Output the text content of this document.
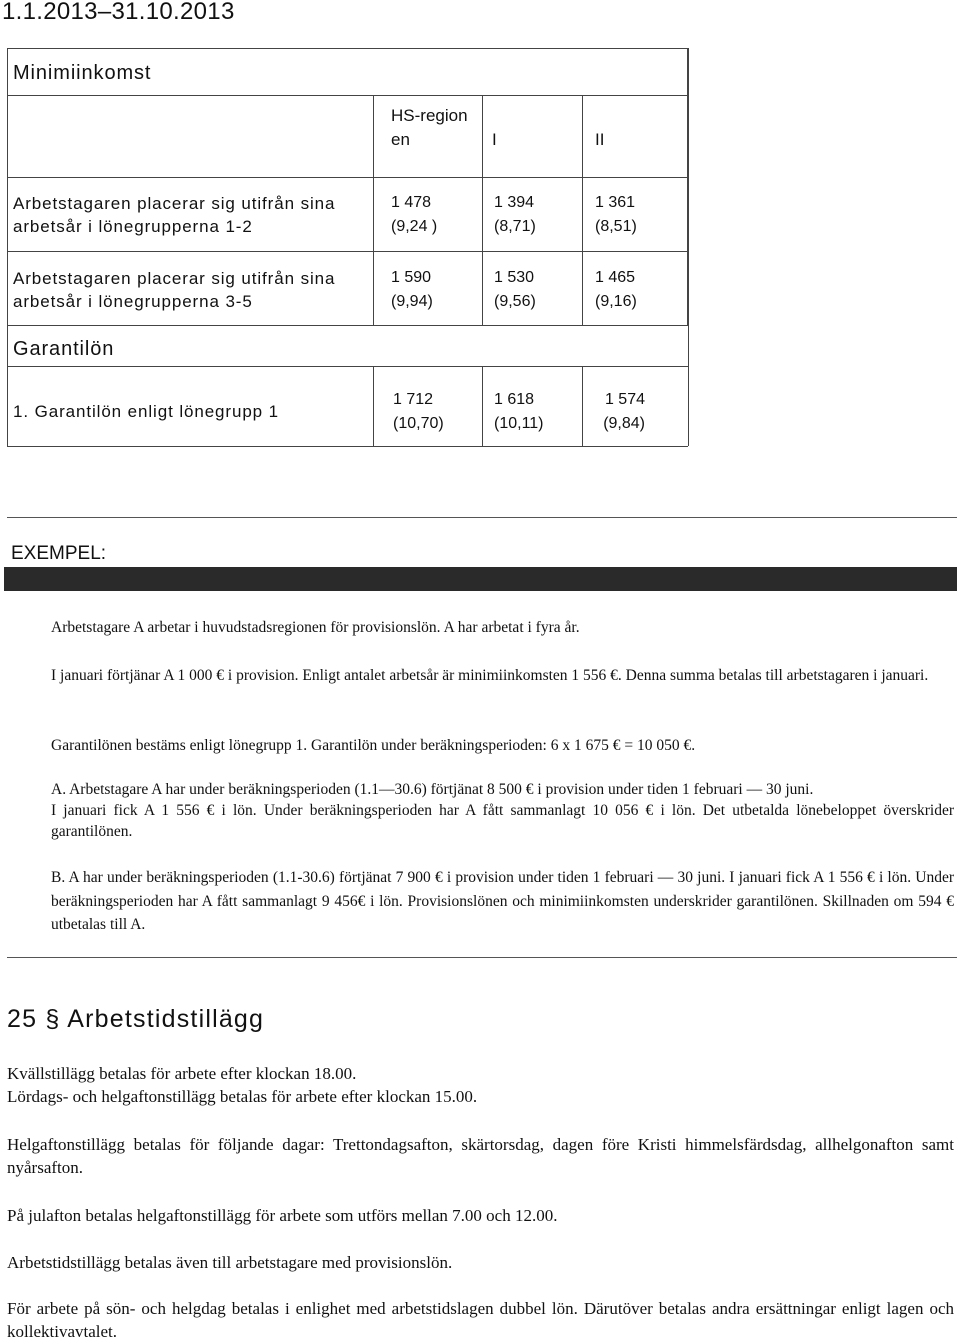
1.1.2013–31.10.2013
Minimiinkomst
HS-regionen	I	II
Arbetstagaren placerar sig utifrån sina arbetsår i lönegrupperna 1-2
1 478
(9,24 )
1 394
(8,71)
1 361
(8,51)
Arbetstagaren placerar sig utifrån sina arbetsår i lönegrupperna 3-5
1 590
(9,94)
1 530
(9,56)
1 465
(9,16)
Garantilön
1. Garantilön enligt lönegrupp 1
1 712
(10,70)
1 618
(10,11)
1 574
(9,84)
EXEMPEL:
Arbetstagare A arbetar i huvudstadsregionen för provisionslön. A har arbetat i fyra år.
I januari förtjänar A 1 000 € i provision. Enligt antalet arbetsår är minimiinkomsten 1 556 €. Denna summa betalas till arbetstagaren i januari.
Garantilönen bestäms enligt lönegrupp 1. Garantilön under beräkningsperioden: 6 x 1 675 € = 10 050 €.
A. Arbetstagare A har under beräkningsperioden (1.1—30.6) förtjänat 8 500 € i provision under tiden 1 februari — 30 juni.
I januari fick A 1 556 € i lön. Under beräkningsperioden har A fått sammanlagt 10 056 € i lön. Det utbetalda lönebeloppet överskrider garantilönen.
B. A har under beräkningsperioden (1.1-30.6) förtjänat 7 900 € i provision under tiden 1 februari — 30 juni. I januari fick A 1 556 € i lön. Under beräkningsperioden har A fått sammanlagt 9 456€ i lön. Provisionslönen och minimiinkomsten underskrider garantilönen. Skillnaden om 594 € utbetalas till A.
25 § Arbetstidstillägg
Kvällstillägg betalas för arbete efter klockan 18.00.
Lördags- och helgaftonstillägg betalas för arbete efter klockan 15.00.
Helgaftonstillägg betalas för följande dagar: Trettondagsafton, skärtorsdag, dagen före Kristi himmelsfärdsdag, allhelgonafton samt nyårsafton.
På julafton betalas helgaftonstillägg för arbete som utförs mellan 7.00 och 12.00.
Arbetstidstillägg betalas även till arbetstagare med provisionslön.
För arbete på sön- och helgdag betalas i enlighet med arbetstidslagen dubbel lön. Därutöver betalas andra ersättningar enligt lagen och kollektivavtalet.
